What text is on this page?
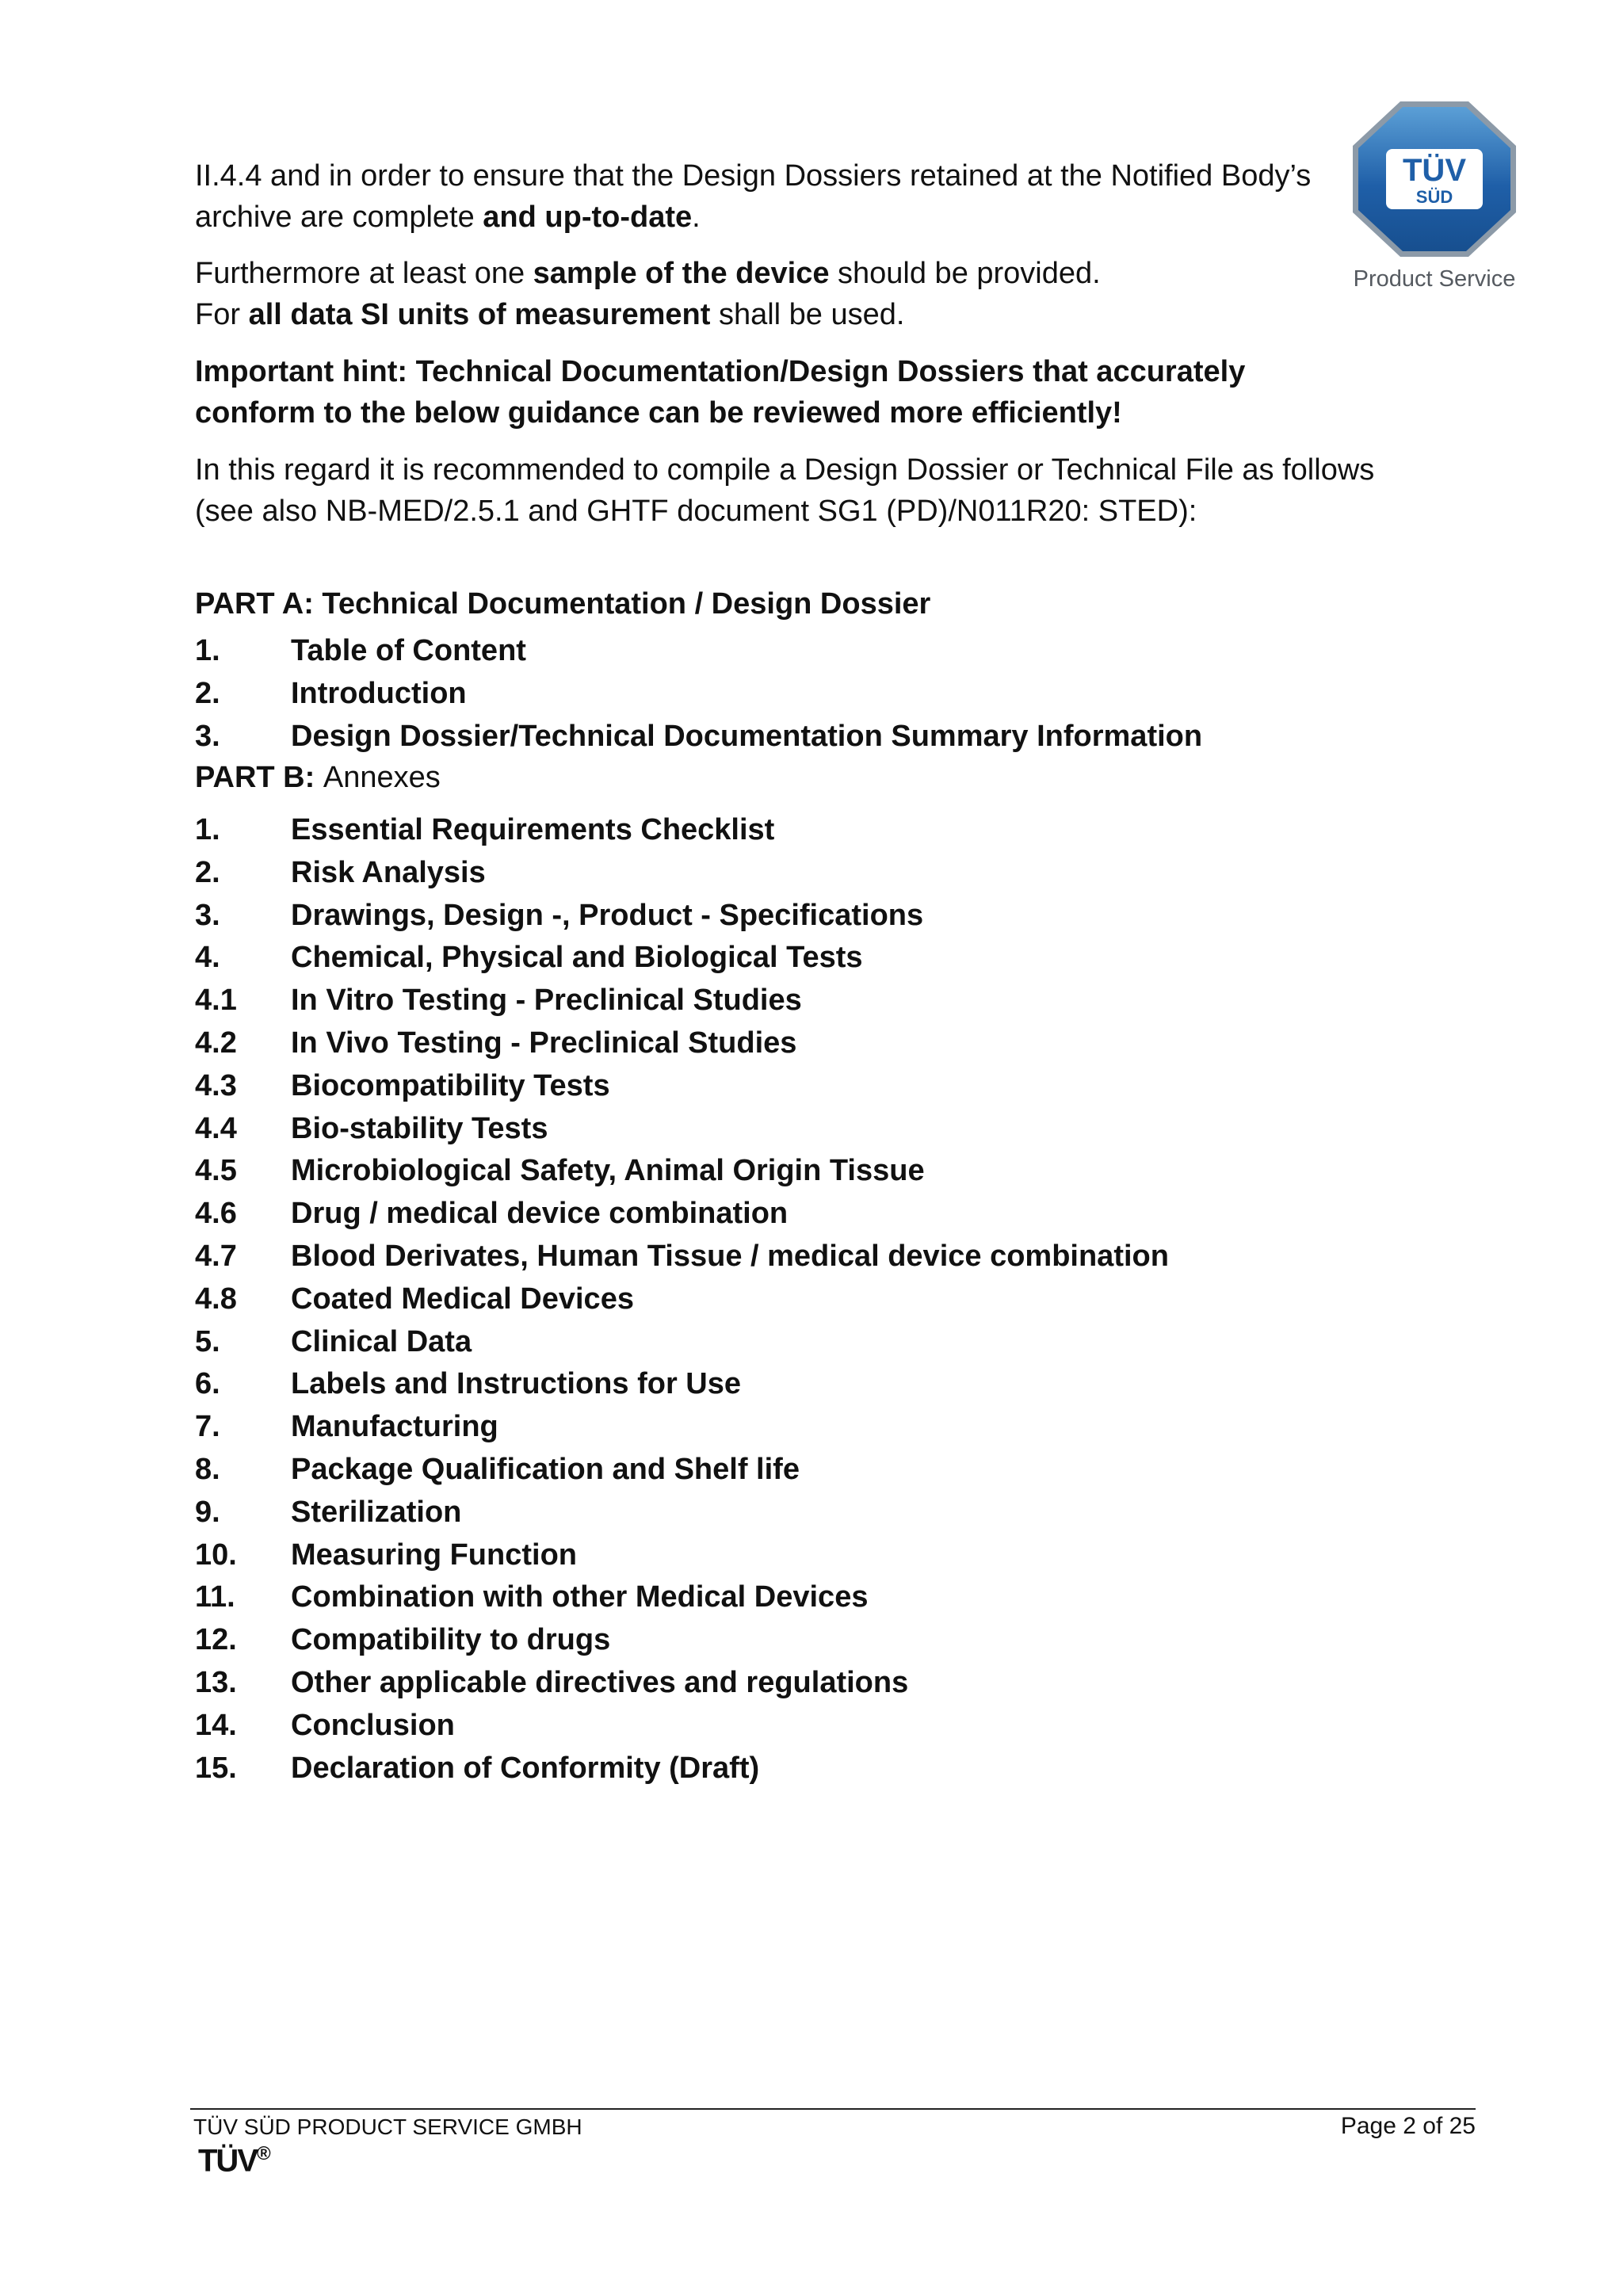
TÜV
SÜD
Product Service

II.4.4 and in order to ensure that the Design Dossiers retained at the Notified Body’s archive are complete and up-to-date.

Furthermore at least one sample of the device should be provided.

For all data SI units of measurement shall be used.

Important hint: Technical Documentation/Design Dossiers that accurately conform to the below guidance can be reviewed more efficiently!

In this regard it is recommended to compile a Design Dossier or Technical File as follows (see also NB-MED/2.5.1 and GHTF document SG1 (PD)/N011R20: STED):

PART A: Technical Documentation / Design Dossier

1.	Table of Content
2.	Introduction
3.	Design Dossier/Technical Documentation Summary Information

PART B: Annexes

1.	Essential Requirements Checklist
2.	Risk Analysis
3.	Drawings, Design -, Product - Specifications
4.	Chemical, Physical and Biological Tests
4.1	In Vitro Testing - Preclinical Studies
4.2	In Vivo Testing - Preclinical Studies
4.3	Biocompatibility Tests
4.4	Bio-stability Tests
4.5	Microbiological Safety, Animal Origin Tissue
4.6	Drug / medical device combination
4.7	Blood Derivates, Human Tissue / medical device combination
4.8	Coated Medical Devices
5.	Clinical Data
6.	Labels and Instructions for Use
7.	Manufacturing
8.	Package Qualification and Shelf life
9.	Sterilization
10.	Measuring Function
11.	Combination with other Medical Devices
12.	Compatibility to drugs
13.	Other applicable directives and regulations
14.	Conclusion
15.	Declaration of Conformity (Draft)
TÜV SÜD PRODUCT SERVICE GMBH	Page 2 of 25
TÜV®
